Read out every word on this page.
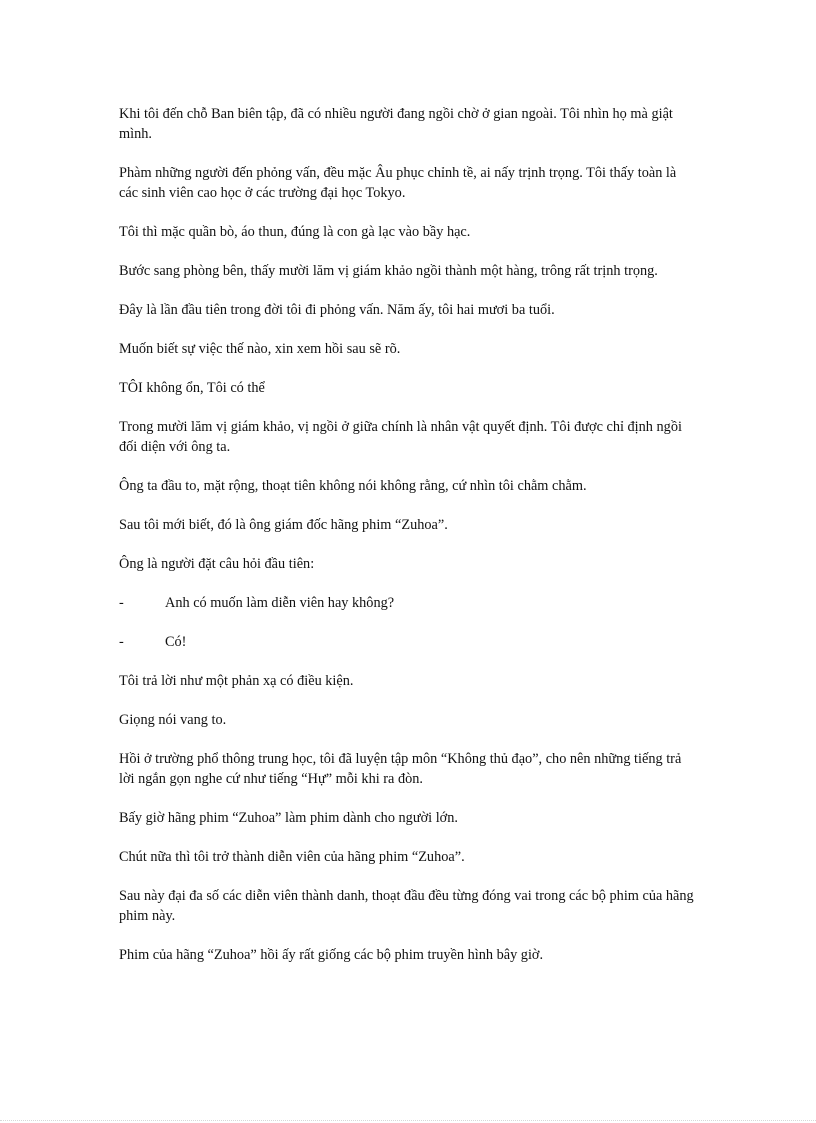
Khi tôi đến chỗ Ban biên tập, đã có nhiều người đang ngồi chờ ở gian ngoài. Tôi nhìn họ mà giật mình.

Phàm những người đến phỏng vấn, đều mặc Âu phục chỉnh tề, ai nấy trịnh trọng. Tôi thấy toàn là các sinh viên cao học ở các trường đại học Tokyo.

Tôi thì mặc quần bò, áo thun, đúng là con gà lạc vào bầy hạc.

Bước sang phòng bên, thấy mười lăm vị giám khảo ngồi thành một hàng, trông rất trịnh trọng.

Đây là lần đầu tiên trong đời tôi đi phỏng vấn. Năm ấy, tôi hai mươi ba tuổi.

Muốn biết sự việc thế nào, xin xem hồi sau sẽ rõ.

TÔI không ổn, Tôi có thể

Trong mười lăm vị giám khảo, vị ngồi ở giữa chính là nhân vật quyết định. Tôi được chỉ định ngồi đối diện với ông ta.

Ông ta đầu to, mặt rộng, thoạt tiên không nói không rằng, cứ nhìn tôi chằm chằm.

Sau tôi mới biết, đó là ông giám đốc hãng phim “Zuhoa”.

Ông là người đặt câu hỏi đầu tiên:

-	Anh có muốn làm diễn viên hay không?
-	Có!

Tôi trả lời như một phản xạ có điều kiện.

Giọng nói vang to.

Hồi ở trường phổ thông trung học, tôi đã luyện tập môn “Không thủ đạo”, cho nên những tiếng trả lời ngắn gọn nghe cứ như tiếng “Hự” mỗi khi ra đòn.

Bấy giờ hãng phim “Zuhoa” làm phim dành cho người lớn.

Chút nữa thì tôi trở thành diễn viên của hãng phim “Zuhoa”.

Sau này đại đa số các diễn viên thành danh, thoạt đầu đều từng đóng vai trong các bộ phim của hãng phim này.

Phim của hãng “Zuhoa” hồi ấy rất giống các bộ phim truyền hình bây giờ.
